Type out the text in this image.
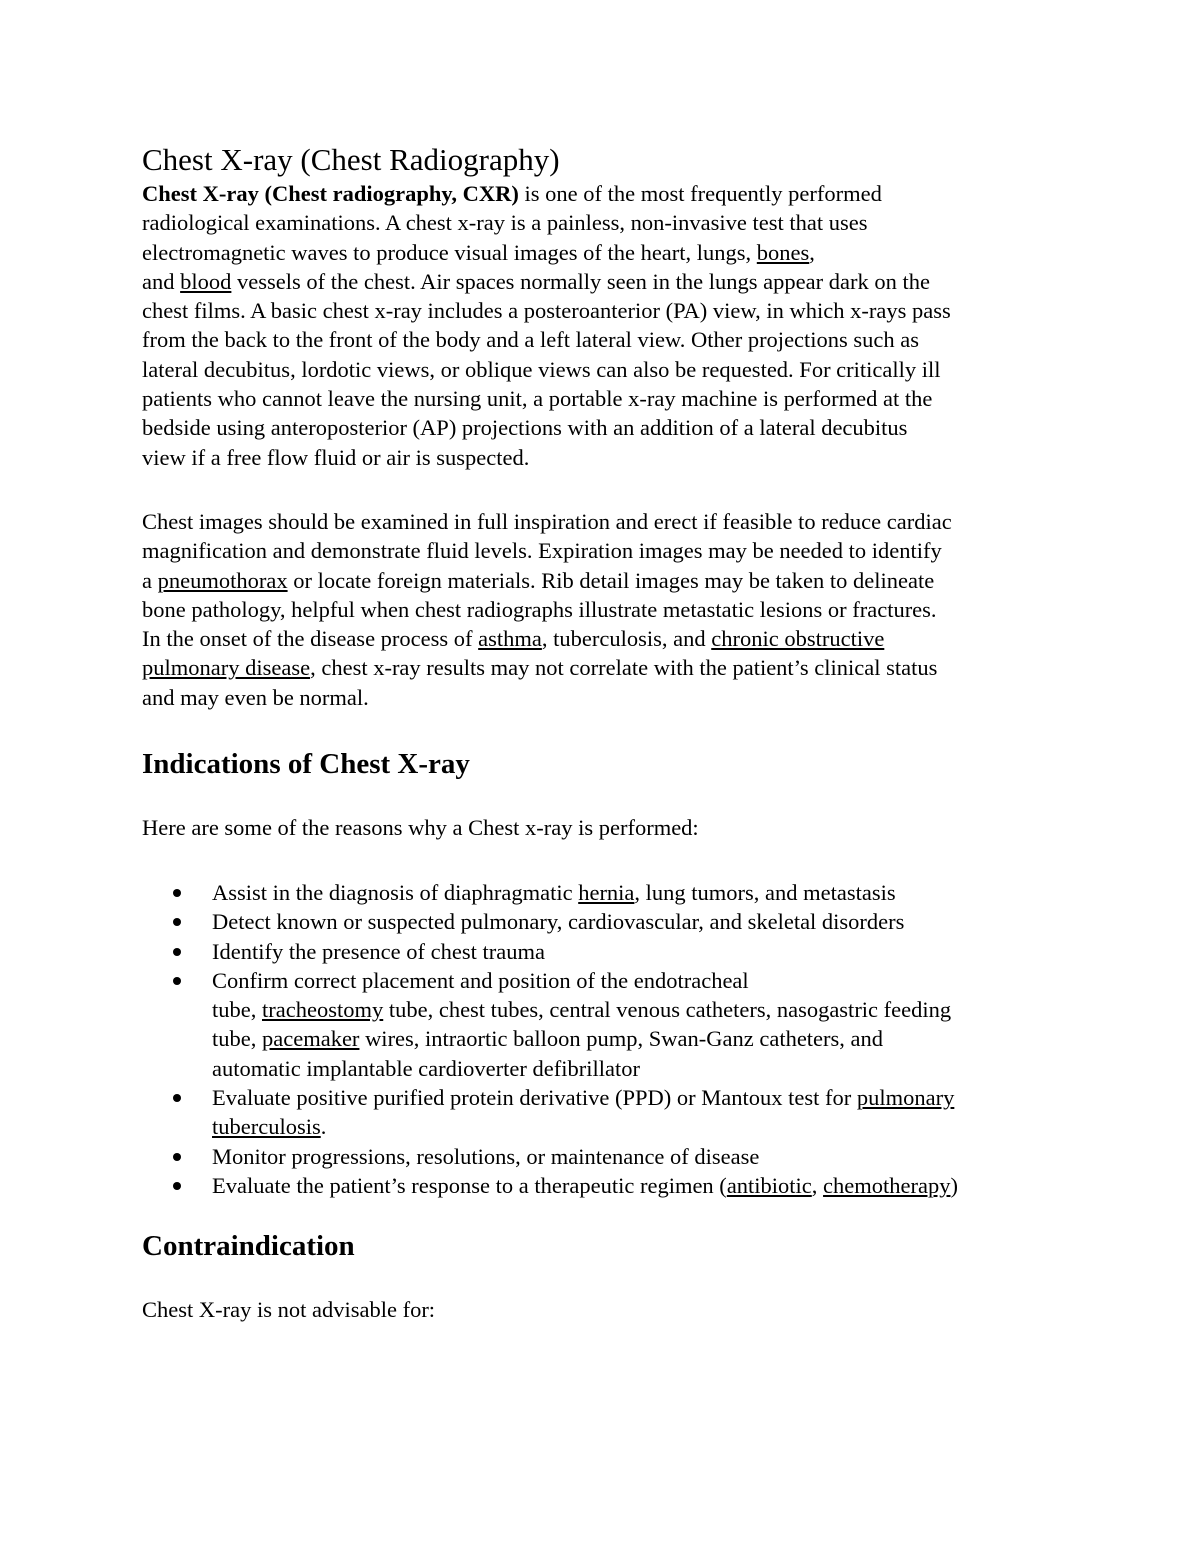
Chest X-ray (Chest Radiography)
Chest X-ray (Chest radiography, CXR) is one of the most frequently performed
radiological examinations. A chest x-ray is a painless, non-invasive test that uses
electromagnetic waves to produce visual images of the heart, lungs, bones,
and blood vessels of the chest. Air spaces normally seen in the lungs appear dark on the
chest films. A basic chest x-ray includes a posteroanterior (PA) view, in which x-rays pass
from the back to the front of the body and a left lateral view. Other projections such as
lateral decubitus, lordotic views, or oblique views can also be requested. For critically ill
patients who cannot leave the nursing unit, a portable x-ray machine is performed at the
bedside using anteroposterior (AP) projections with an addition of a lateral decubitus
view if a free flow fluid or air is suspected.
Chest images should be examined in full inspiration and erect if feasible to reduce cardiac
magnification and demonstrate fluid levels. Expiration images may be needed to identify
a pneumothorax or locate foreign materials. Rib detail images may be taken to delineate
bone pathology, helpful when chest radiographs illustrate metastatic lesions or fractures.
In the onset of the disease process of asthma, tuberculosis, and chronic obstructive
pulmonary disease, chest x-ray results may not correlate with the patient’s clinical status
and may even be normal.
Indications of Chest X-ray

Here are some of the reasons why a Chest x-ray is performed:

Assist in the diagnosis of diaphragmatic hernia, lung tumors, and metastasis
Detect known or suspected pulmonary, cardiovascular, and skeletal disorders
Identify the presence of chest trauma
Confirm correct placement and position of the endotracheal
tube, tracheostomy tube, chest tubes, central venous catheters, nasogastric feeding
tube, pacemaker wires, intraortic balloon pump, Swan-Ganz catheters, and
automatic implantable cardioverter defibrillator
Evaluate positive purified protein derivative (PPD) or Mantoux test for pulmonary
tuberculosis.
Monitor progressions, resolutions, or maintenance of disease
Evaluate the patient’s response to a therapeutic regimen (antibiotic, chemotherapy)
Contraindication

Chest X-ray is not advisable for:
